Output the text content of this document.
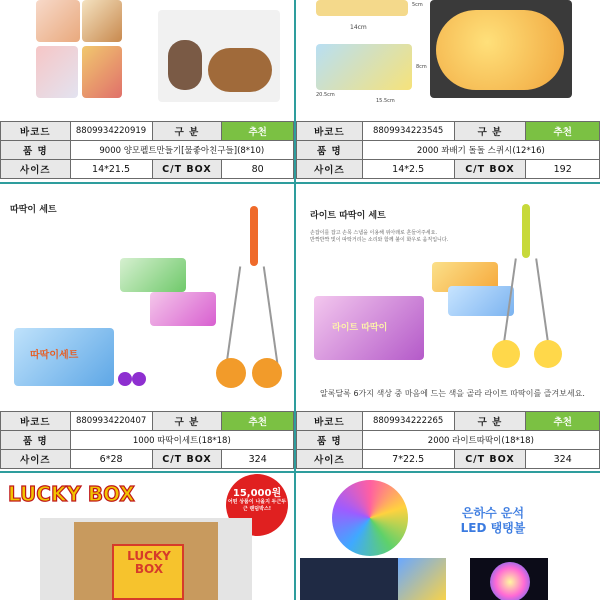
14cm
5cm
8cm
20.5cm
15.5cm
바코드	8809934220919	구 분	추천
품 명	9000 양모펠트만들기[물좋아친구들](8*10)		
사이즈	14*21.5	C/T BOX	80
바코드	8809934223545	구 분	추천
품 명	2000 꽈배기 돌돌 스퀴시(12*16)		
사이즈	14*2.5	C/T BOX	192
따딱이 세트
따딱이세트
라이트 따딱이 세트
손잡이를 잡고 손목 스냅을 이용해 위아래로 흔들어주세요.
반짝반짝 빛이 따딱거리는 소리와 함께 불이 화우로 움직입니다.
라이트 따딱이
알록달록 6가지 색상 중 마음에 드는 색을 골라 라이트 따딱이를 즐겨보세요.
바코드	8809934220407	구 분	추천
품 명	1000 따딱이세트(18*18)		
사이즈	6*28	C/T BOX	324
바코드	8809934222265	구 분	추천
품 명	2000 라이트따딱이(18*18)		
사이즈	7*22.5	C/T BOX	324
LUCKY BOX	15,000원
어떤 상품이 나올지 두근두근 랜덤박스!
LUCKY BOX
은하수 운석
LED 탱탱볼
